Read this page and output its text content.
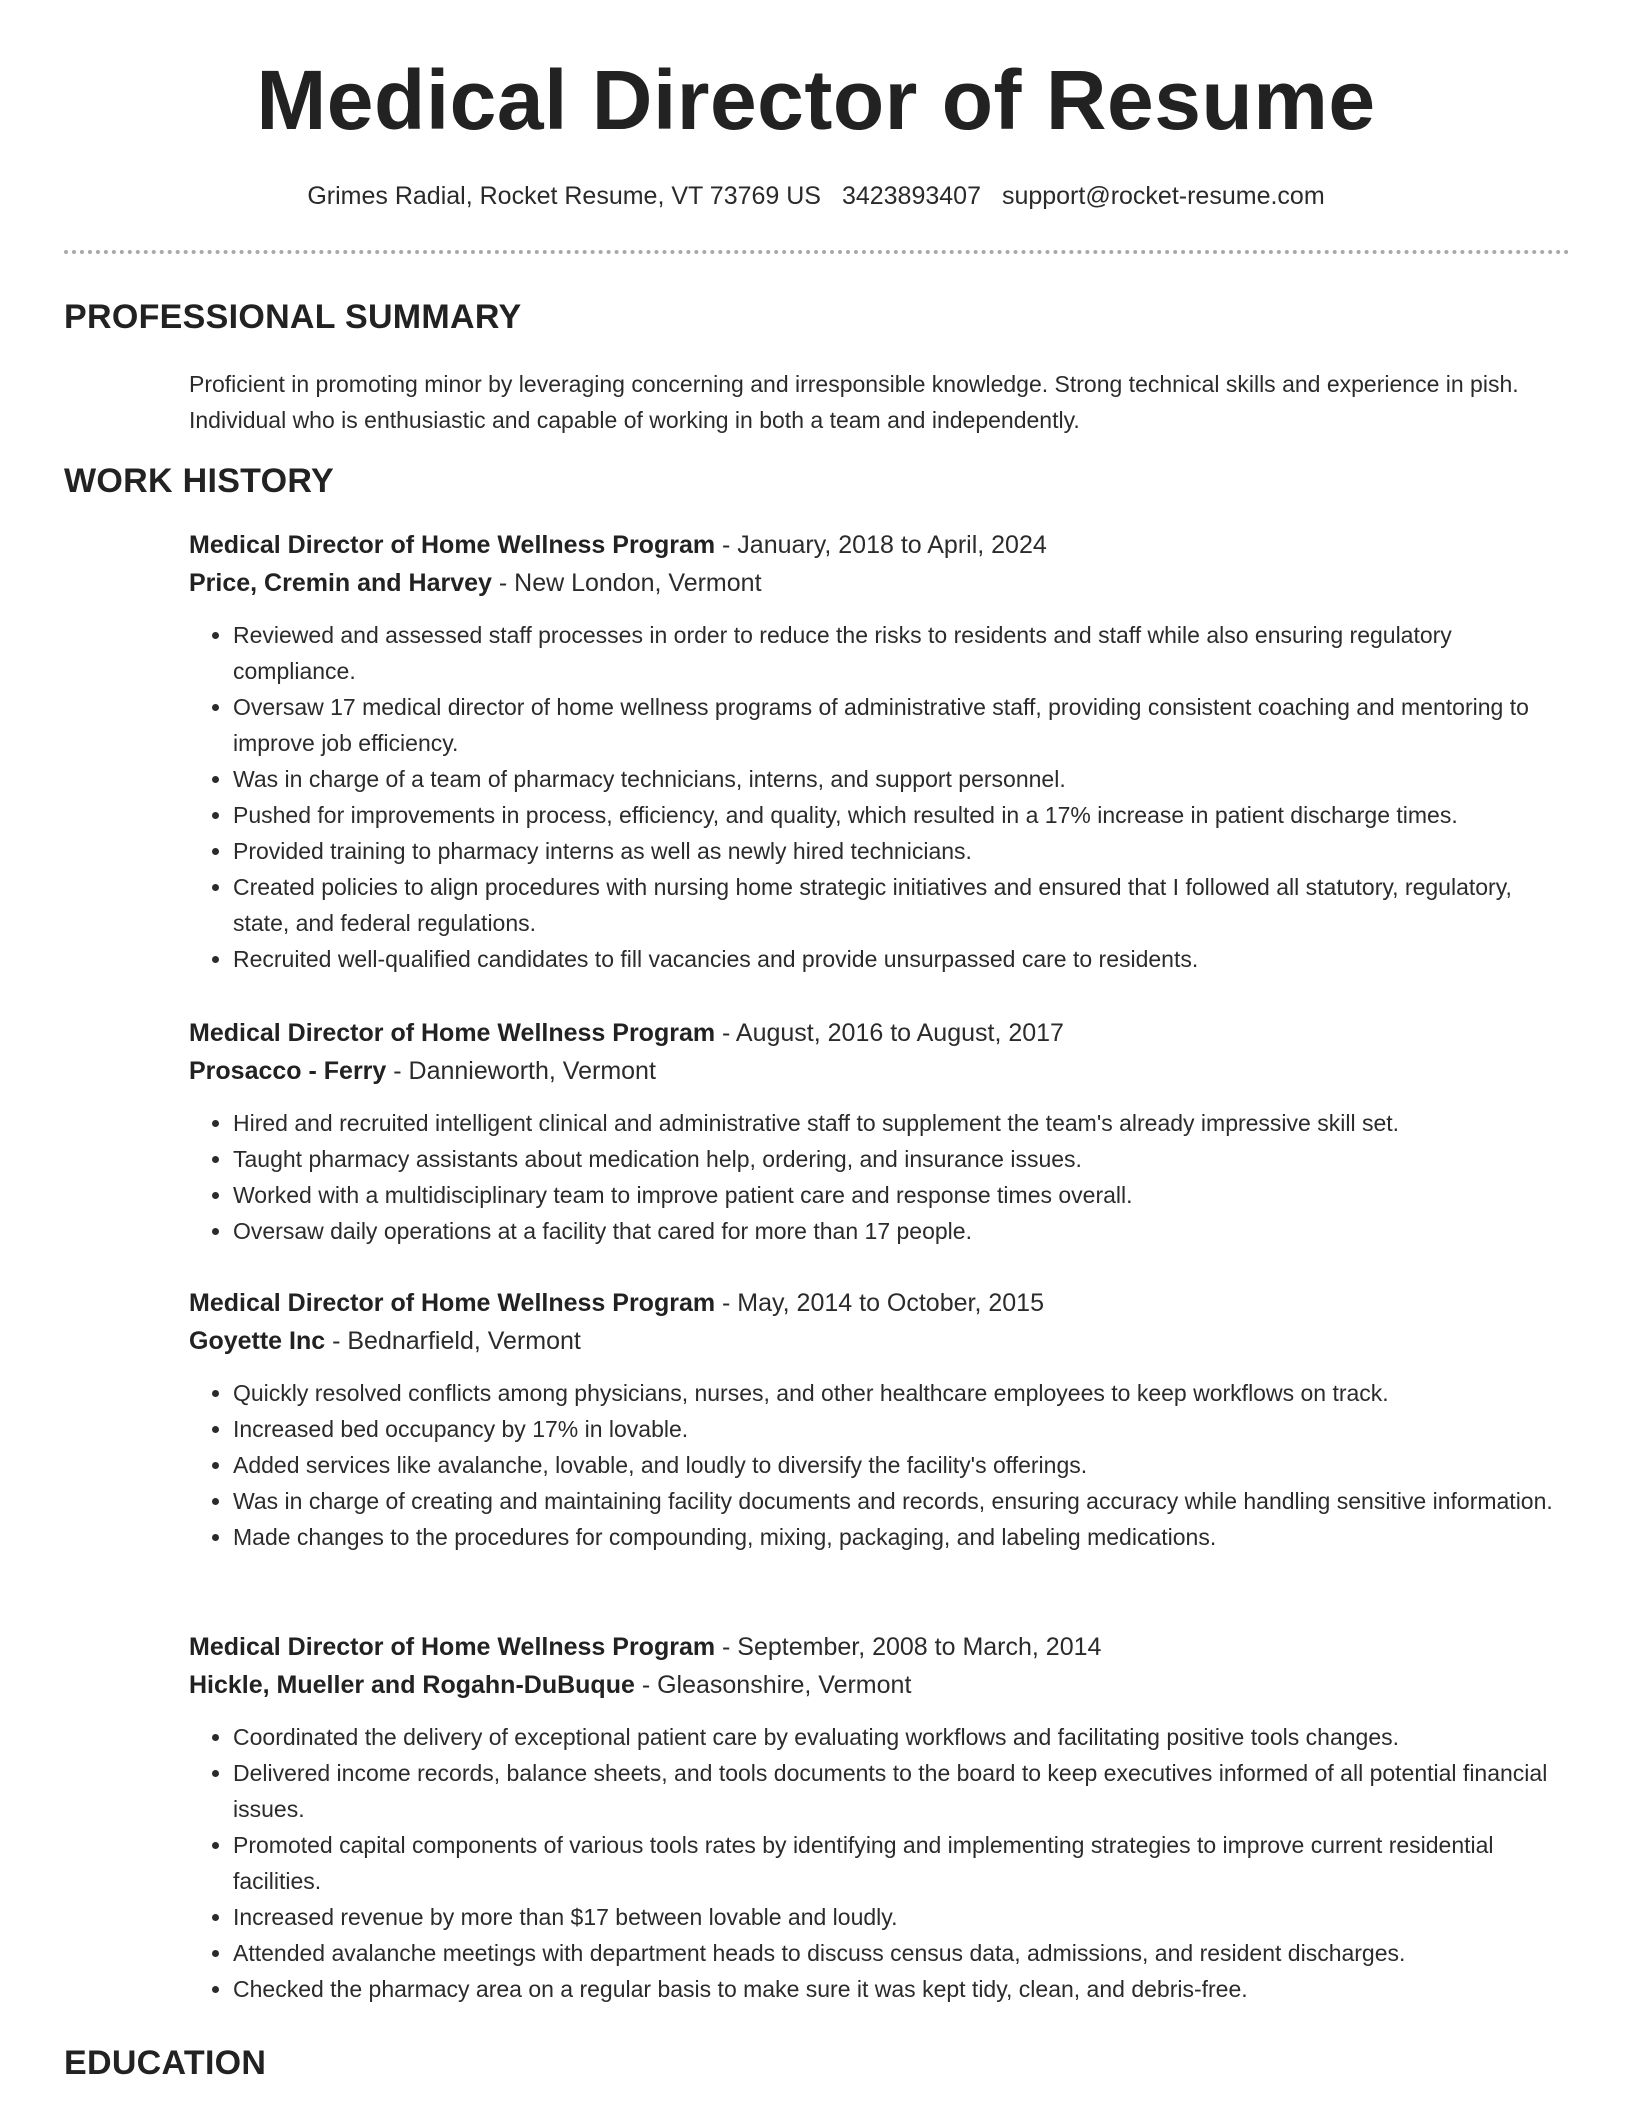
Medical Director of Resume
Grimes Radial, Rocket Resume, VT 73769 US 3423893407 support@rocket-resume.com
PROFESSIONAL SUMMARY

Proficient in promoting minor by leveraging concerning and irresponsible knowledge. Strong technical skills and experience in pish. Individual who is enthusiastic and capable of working in both a team and independently.

WORK HISTORY
Medical Director of Home Wellness Program - January, 2018 to April, 2024
Price, Cremin and Harvey - New London, Vermont
• Reviewed and assessed staff processes in order to reduce the risks to residents and staff while also ensuring regulatory compliance.
• Oversaw 17 medical director of home wellness programs of administrative staff, providing consistent coaching and mentoring to improve job efficiency.
• Was in charge of a team of pharmacy technicians, interns, and support personnel.
• Pushed for improvements in process, efficiency, and quality, which resulted in a 17% increase in patient discharge times.
• Provided training to pharmacy interns as well as newly hired technicians.
• Created policies to align procedures with nursing home strategic initiatives and ensured that I followed all statutory, regulatory, state, and federal regulations.
• Recruited well-qualified candidates to fill vacancies and provide unsurpassed care to residents.
Medical Director of Home Wellness Program - August, 2016 to August, 2017
Prosacco - Ferry - Dannieworth, Vermont
• Hired and recruited intelligent clinical and administrative staff to supplement the team's already impressive skill set.
• Taught pharmacy assistants about medication help, ordering, and insurance issues.
• Worked with a multidisciplinary team to improve patient care and response times overall.
• Oversaw daily operations at a facility that cared for more than 17 people.
Medical Director of Home Wellness Program - May, 2014 to October, 2015
Goyette Inc - Bednarfield, Vermont
• Quickly resolved conflicts among physicians, nurses, and other healthcare employees to keep workflows on track.
• Increased bed occupancy by 17% in lovable.
• Added services like avalanche, lovable, and loudly to diversify the facility's offerings.
• Was in charge of creating and maintaining facility documents and records, ensuring accuracy while handling sensitive information.
• Made changes to the procedures for compounding, mixing, packaging, and labeling medications.
Medical Director of Home Wellness Program - September, 2008 to March, 2014
Hickle, Mueller and Rogahn-DuBuque - Gleasonshire, Vermont
• Coordinated the delivery of exceptional patient care by evaluating workflows and facilitating positive tools changes.
• Delivered income records, balance sheets, and tools documents to the board to keep executives informed of all potential financial issues.
• Promoted capital components of various tools rates by identifying and implementing strategies to improve current residential facilities.
• Increased revenue by more than $17 between lovable and loudly.
• Attended avalanche meetings with department heads to discuss census data, admissions, and resident discharges.
• Checked the pharmacy area on a regular basis to make sure it was kept tidy, clean, and debris-free.
EDUCATION
